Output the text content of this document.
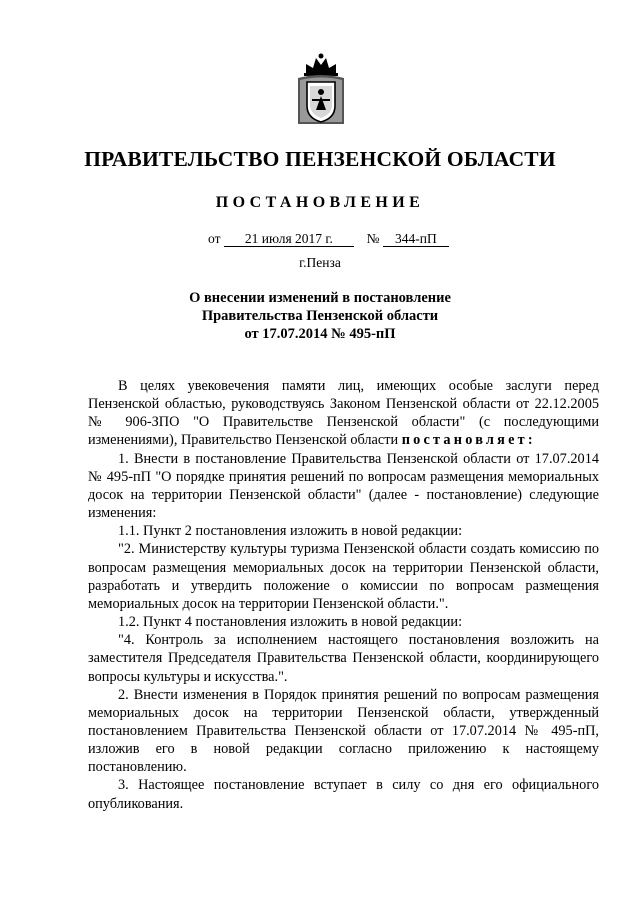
ПРАВИТЕЛЬСТВО ПЕНЗЕНСКОЙ ОБЛАСТИ
ПОСТАНОВЛЕНИЕ
от 21 июля 2017 г.	№ 344-пП
г.Пенза
О внесении изменений в постановление
Правительства Пензенской области
от 17.07.2014 № 495-пП

В целях увековечения памяти лиц, имеющих особые заслуги перед Пензенской областью, руководствуясь Законом Пензенской области от 22.12.2005 № 906-ЗПО "О Правительстве Пензенской области" (с последующими изменениями), Правительство Пензенской области постановляет:

1. Внести в постановление Правительства Пензенской области от 17.07.2014 № 495-пП "О порядке принятия решений по вопросам размещения мемориальных досок на территории Пензенской области" (далее - постановление) следующие изменения:

1.1. Пункт 2 постановления изложить в новой редакции:

"2. Министерству культуры туризма Пензенской области создать комиссию по вопросам размещения мемориальных досок на территории Пензенской области, разработать и утвердить положение о комиссии по вопросам размещения мемориальных досок на территории Пензенской области.".

1.2. Пункт 4 постановления изложить в новой редакции:

"4. Контроль за исполнением настоящего постановления возложить на заместителя Председателя Правительства Пензенской области, координирующего вопросы культуры и искусства.".

2. Внести изменения в Порядок принятия решений по вопросам размещения мемориальных досок на территории Пензенской области, утвержденный постановлением Правительства Пензенской области от 17.07.2014 № 495-пП, изложив его в новой редакции согласно приложению к настоящему постановлению.

3. Настоящее постановление вступает в силу со дня его официального опубликования.
